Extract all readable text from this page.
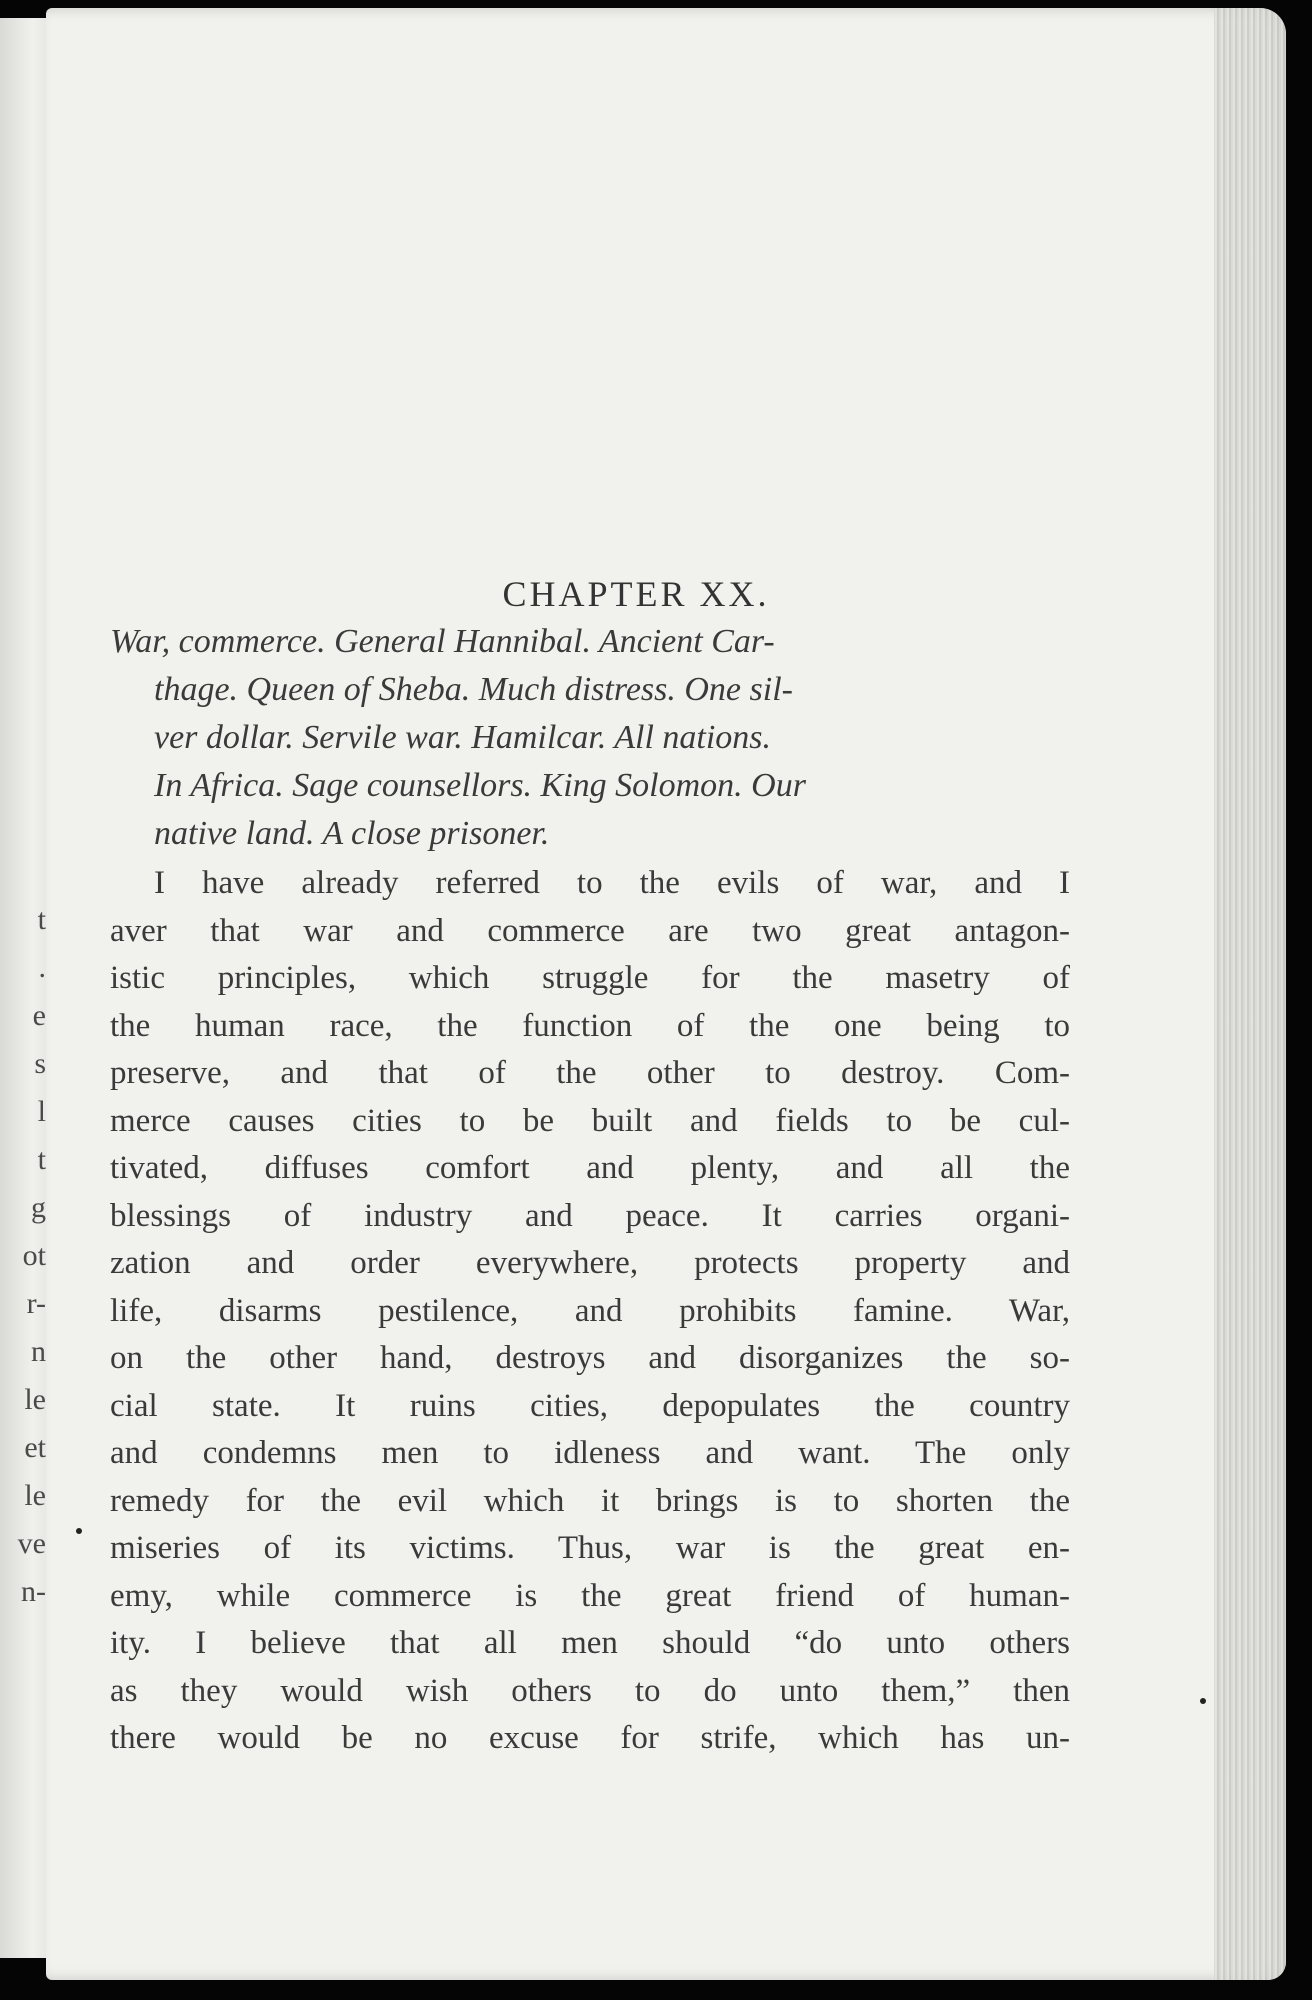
t
.
e
s
l
t
g
ot
r-
n
le
et
le
ve
n-
CHAPTER XX.
War, commerce. General Hannibal. Ancient Car-
thage. Queen of Sheba. Much distress. One sil-
ver dollar. Servile war. Hamilcar. All nations.
In Africa. Sage counsellors. King Solomon. Our
native land. A close prisoner.
I have already referred to the evils of war, and I
aver that war and commerce are two great antagon-
istic principles, which struggle for the masetry of
the human race, the function of the one being to
preserve, and that of the other to destroy. Com-
merce causes cities to be built and fields to be cul-
tivated, diffuses comfort and plenty, and all the
blessings of industry and peace. It carries organi-
zation and order everywhere, protects property and
life, disarms pestilence, and prohibits famine. War,
on the other hand, destroys and disorganizes the so-
cial state. It ruins cities, depopulates the country
and condemns men to idleness and want. The only
remedy for the evil which it brings is to shorten the
miseries of its victims. Thus, war is the great en-
emy, while commerce is the great friend of human-
ity. I believe that all men should “do unto others
as they would wish others to do unto them,” then
there would be no excuse for strife, which has un-
